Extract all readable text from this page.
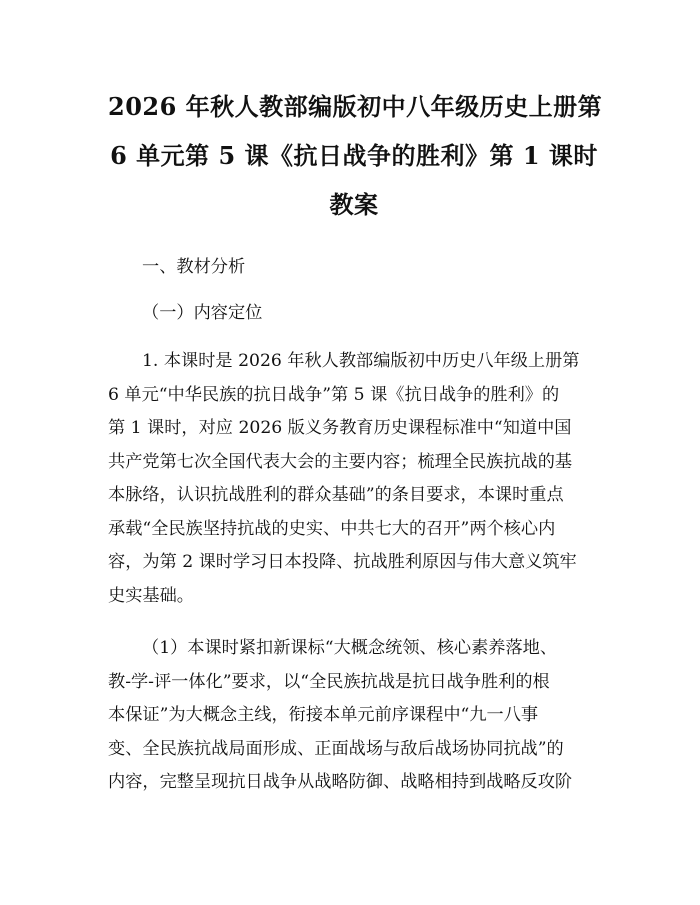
2026 年秋人教部编版初中八年级历史上册第
6 单元第 5 课《抗日战争的胜利》第 1 课时
教案

一、教材分析

（一）内容定位

1. 本课时是 2026 年秋人教部编版初中历史八年级上册第
6 单元“中华民族的抗日战争”第 5 课《抗日战争的胜利》的
第 1 课时，对应 2026 版义务教育历史课程标准中“知道中国
共产党第七次全国代表大会的主要内容；梳理全民族抗战的基
本脉络，认识抗战胜利的群众基础”的条目要求，本课时重点
承载“全民族坚持抗战的史实、中共七大的召开”两个核心内
容，为第 2 课时学习日本投降、抗战胜利原因与伟大意义筑牢
史实基础。

（1）本课时紧扣新课标“大概念统领、核心素养落地、
教-学-评一体化”要求，以“全民族抗战是抗日战争胜利的根
本保证”为大概念主线，衔接本单元前序课程中“九一八事
变、全民族抗战局面形成、正面战场与敌后战场协同抗战”的
内容，完整呈现抗日战争从战略防御、战略相持到战略反攻阶
